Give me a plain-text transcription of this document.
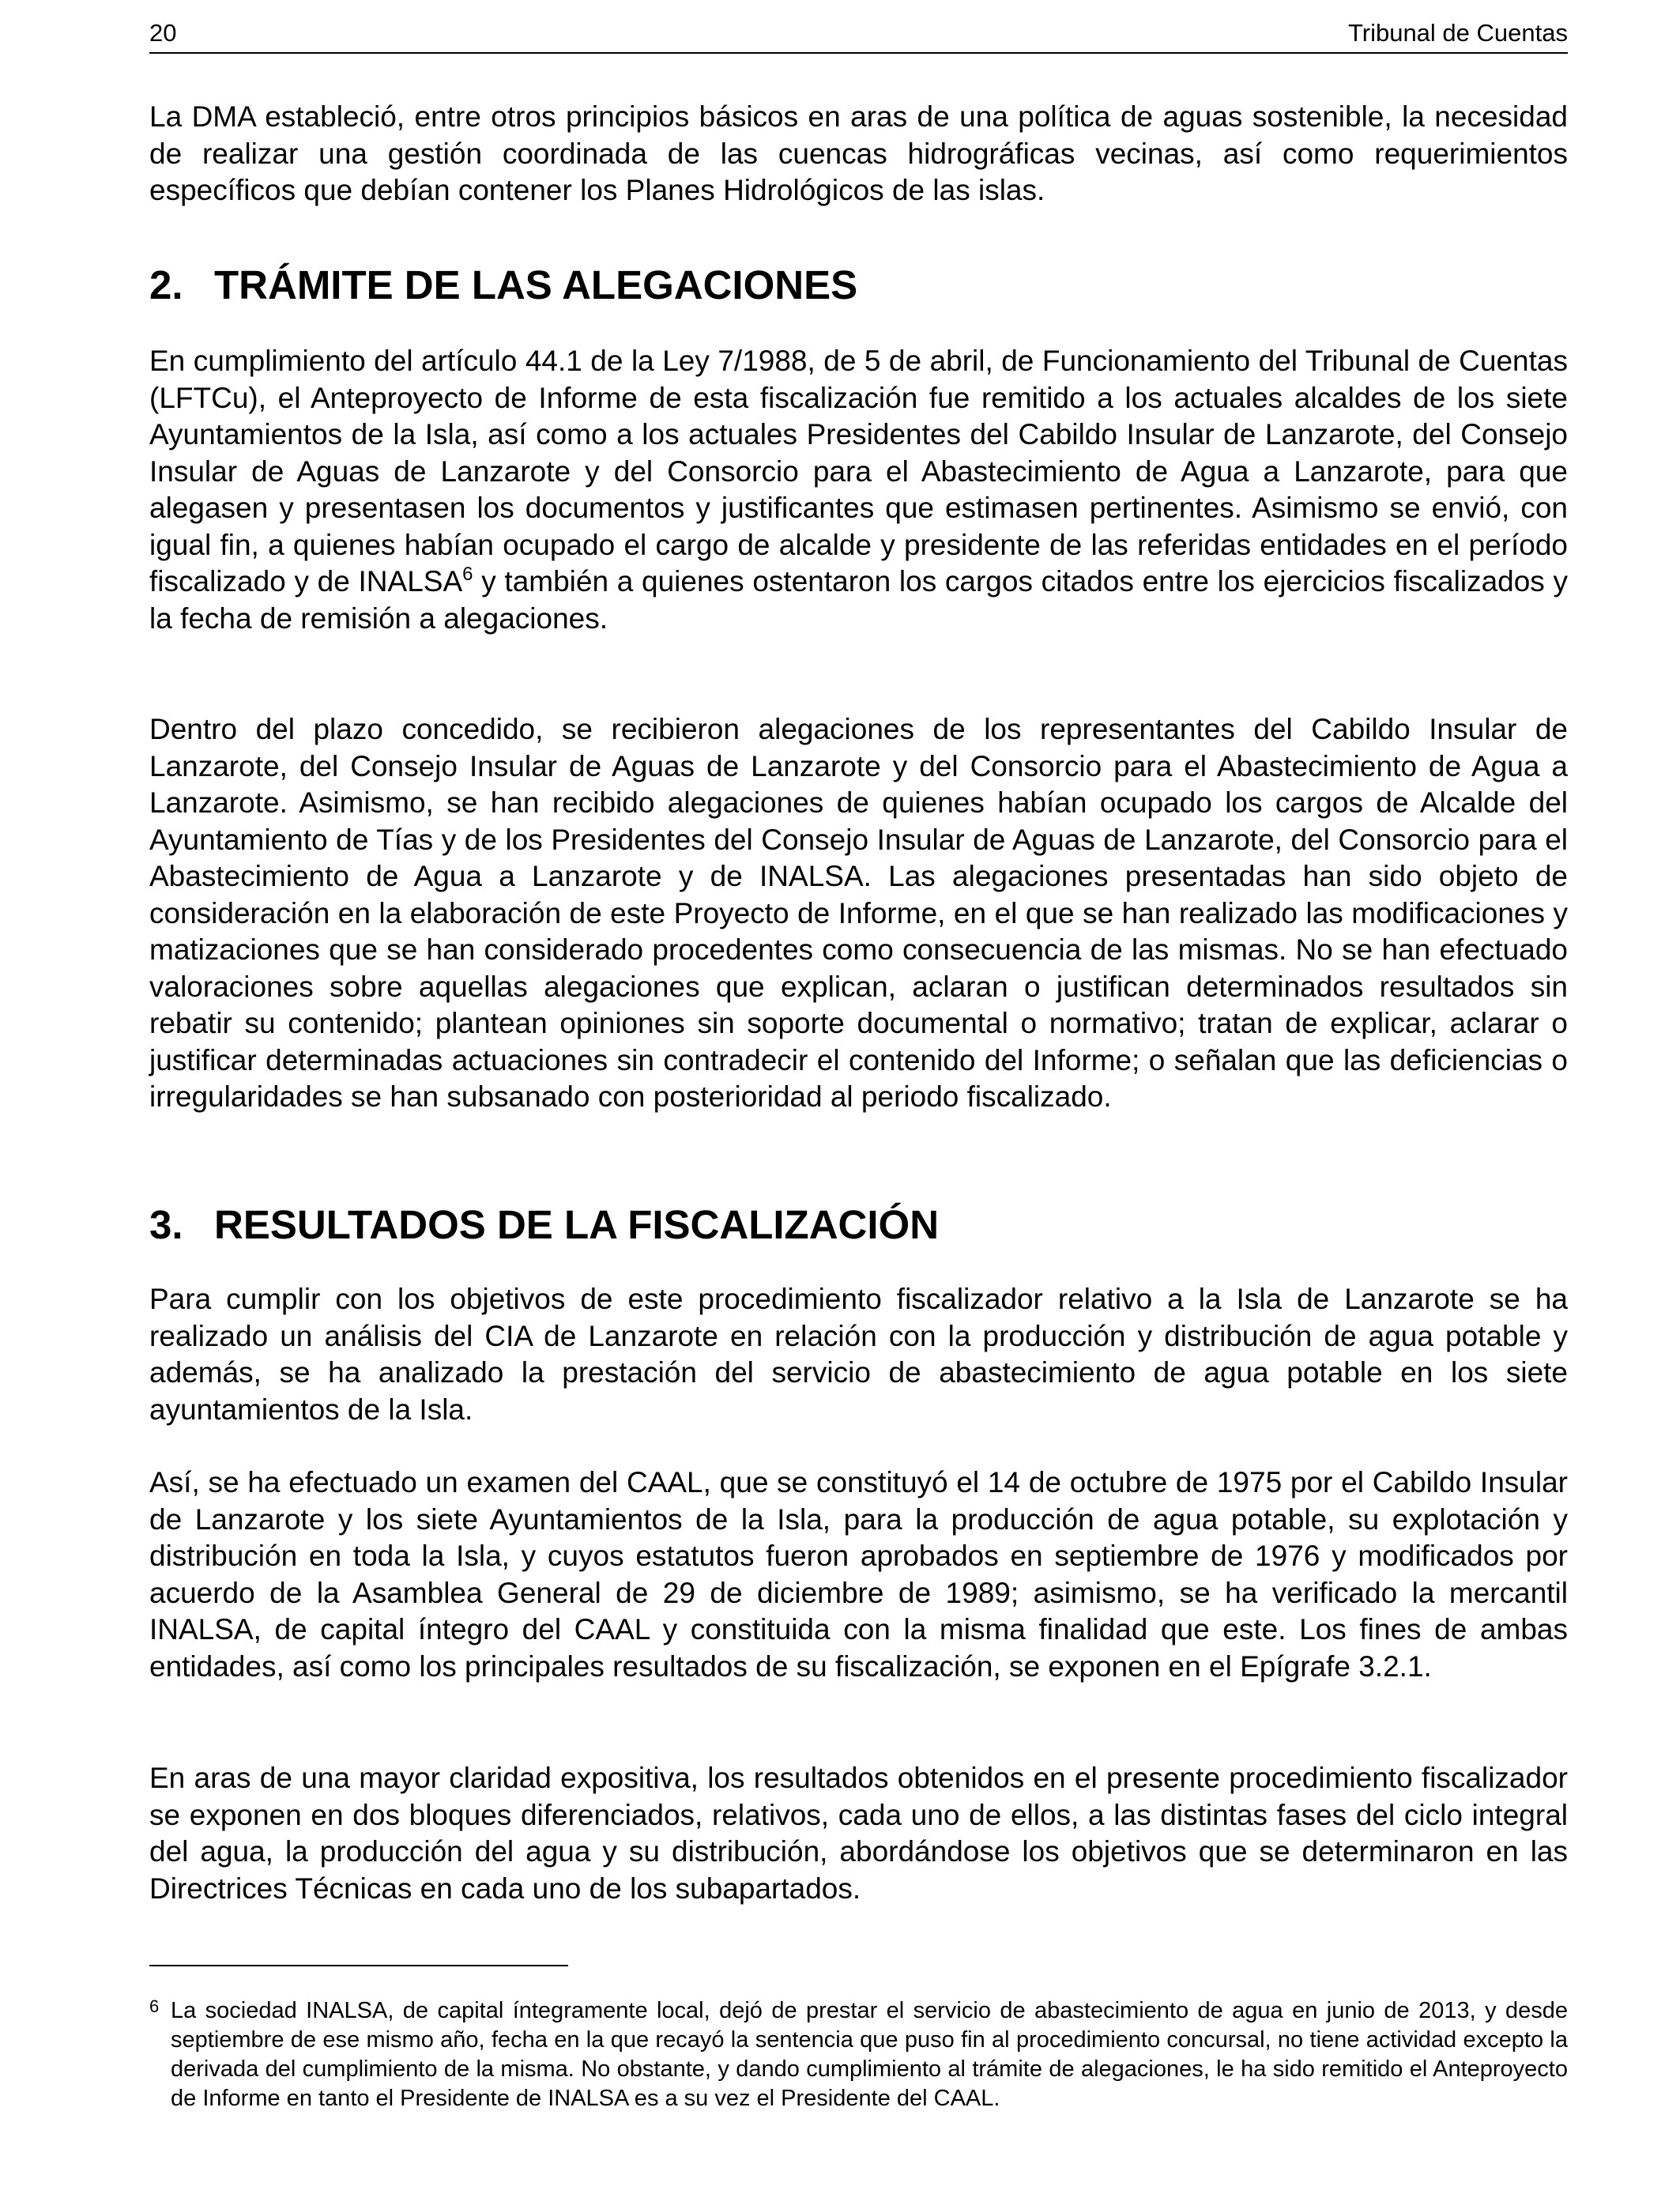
20	Tribunal de Cuentas

La DMA estableció, entre otros principios básicos en aras de una política de aguas sostenible, la necesidad de realizar una gestión coordinada de las cuencas hidrográficas vecinas, así como requerimientos específicos que debían contener los Planes Hidrológicos de las islas.

2. TRÁMITE DE LAS ALEGACIONES

En cumplimiento del artículo 44.1 de la Ley 7/1988, de 5 de abril, de Funcionamiento del Tribunal de Cuentas (LFTCu), el Anteproyecto de Informe de esta fiscalización fue remitido a los actuales alcaldes de los siete Ayuntamientos de la Isla, así como a los actuales Presidentes del Cabildo Insular de Lanzarote, del Consejo Insular de Aguas de Lanzarote y del Consorcio para el Abastecimiento de Agua a Lanzarote, para que alegasen y presentasen los documentos y justificantes que estimasen pertinentes. Asimismo se envió, con igual fin, a quienes habían ocupado el cargo de alcalde y presidente de las referidas entidades en el período fiscalizado y de INALSA$^6$ y también a quienes ostentaron los cargos citados entre los ejercicios fiscalizados y la fecha de remisión a alegaciones.

Dentro del plazo concedido, se recibieron alegaciones de los representantes del Cabildo Insular de Lanzarote, del Consejo Insular de Aguas de Lanzarote y del Consorcio para el Abastecimiento de Agua a Lanzarote. Asimismo, se han recibido alegaciones de quienes habían ocupado los cargos de Alcalde del Ayuntamiento de Tías y de los Presidentes del Consejo Insular de Aguas de Lanzarote, del Consorcio para el Abastecimiento de Agua a Lanzarote y de INALSA. Las alegaciones presentadas han sido objeto de consideración en la elaboración de este Proyecto de Informe, en el que se han realizado las modificaciones y matizaciones que se han considerado procedentes como consecuencia de las mismas. No se han efectuado valoraciones sobre aquellas alegaciones que explican, aclaran o justifican determinados resultados sin rebatir su contenido; plantean opiniones sin soporte documental o normativo; tratan de explicar, aclarar o justificar determinadas actuaciones sin contradecir el contenido del Informe; o señalan que las deficiencias o irregularidades se han subsanado con posterioridad al periodo fiscalizado.

3. RESULTADOS DE LA FISCALIZACIÓN

Para cumplir con los objetivos de este procedimiento fiscalizador relativo a la Isla de Lanzarote se ha realizado un análisis del CIA de Lanzarote en relación con la producción y distribución de agua potable y además, se ha analizado la prestación del servicio de abastecimiento de agua potable en los siete ayuntamientos de la Isla.

Así, se ha efectuado un examen del CAAL, que se constituyó el 14 de octubre de 1975 por el Cabildo Insular de Lanzarote y los siete Ayuntamientos de la Isla, para la producción de agua potable, su explotación y distribución en toda la Isla, y cuyos estatutos fueron aprobados en septiembre de 1976 y modificados por acuerdo de la Asamblea General de 29 de diciembre de 1989; asimismo, se ha verificado la mercantil INALSA, de capital íntegro del CAAL y constituida con la misma finalidad que este. Los fines de ambas entidades, así como los principales resultados de su fiscalización, se exponen en el Epígrafe 3.2.1.

En aras de una mayor claridad expositiva, los resultados obtenidos en el presente procedimiento fiscalizador se exponen en dos bloques diferenciados, relativos, cada uno de ellos, a las distintas fases del ciclo integral del agua, la producción del agua y su distribución, abordándose los objetivos que se determinaron en las Directrices Técnicas en cada uno de los subapartados.

6 La sociedad INALSA, de capital íntegramente local, dejó de prestar el servicio de abastecimiento de agua en junio de 2013, y desde septiembre de ese mismo año, fecha en la que recayó la sentencia que puso fin al procedimiento concursal, no tiene actividad excepto la derivada del cumplimiento de la misma. No obstante, y dando cumplimiento al trámite de alegaciones, le ha sido remitido el Anteproyecto de Informe en tanto el Presidente de INALSA es a su vez el Presidente del CAAL.
